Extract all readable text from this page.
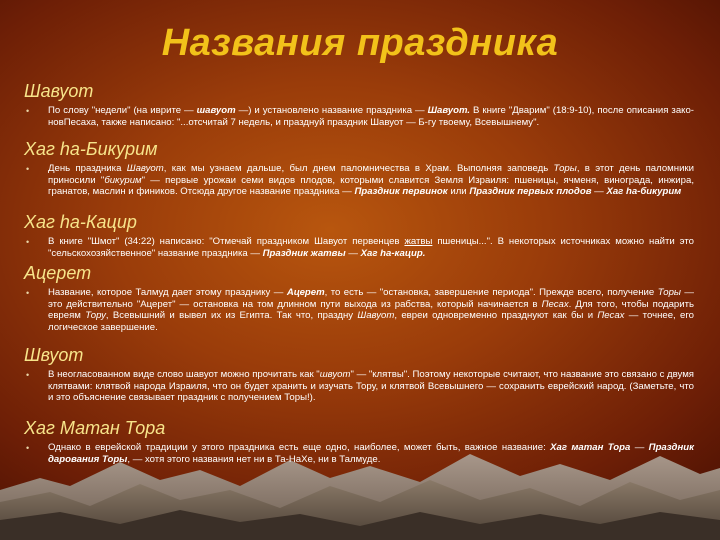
Названия праздника
Шавуот
• По слову "недели" (на иврите — шавуот —) и установлено название праздника — Шавуот. В книге "Дварим" (18:9-10), после описания зако-новПесаха, также написано: "...отсчитай 7 недель, и празднуй праздник Шавуот — Б-гу твоему, Всевышнему".
Хаг hа-Бикурим
• День праздника Шавуот, как мы узнаем дальше, был днем паломничества в Храм. Выполняя заповедь Торы, в этот день паломники приносили "бикурим" — первые урожаи семи видов плодов, которыми славится Земля Израиля: пшеницы, ячменя, винограда, инжира, гранатов, маслин и фиников. Отсюда другое название праздника — Праздник первинок или Праздник первых плодов — Хаг hа-бикурим
Хаг hа-Кацир
• В книге "Шмот" (34:22) написано: "Отмечай праздником Шавуот первенцев жатвы пшеницы...". В некоторых источниках можно найти это "сельскохозяйственное" название праздника — Праздник жатвы — Хаг hа-кацир.
Ацерет
• Название, которое Талмуд дает этому празднику — Ацерет, то есть — "остановка, завершение периода". Прежде всего, получение Торы — это действительно "Ацерет" — остановка на том длинном пути выхода из рабства, который начинается в Песах. Для того, чтобы подарить евреям Тору, Всевышний и вывел их из Египта. Так что, праздну Шавуот, евреи одновременно празднуют как бы и Песах — точнее, его логическое завершение.
Швуот
• В неогласованном виде слово шавуот можно прочитать как "швуот" — "клятвы". Поэтому некоторые считают, что название это связано с двумя клятвами: клятвой народа Израиля, что он будет хранить и изучать Тору, и клятвой Всевышнего — сохранить еврейский народ. (Заметьте, что и это объяснение связывает праздник с получением Торы!).
Хаг Матан Тора
• Однако в еврейской традиции у этого праздника есть еще одно, наиболее, может быть, важное название: Хаг матан Тора — Праздник дарования Торы, — хотя этого названия нет ни в Та-НаХе, ни в Талмуде.
